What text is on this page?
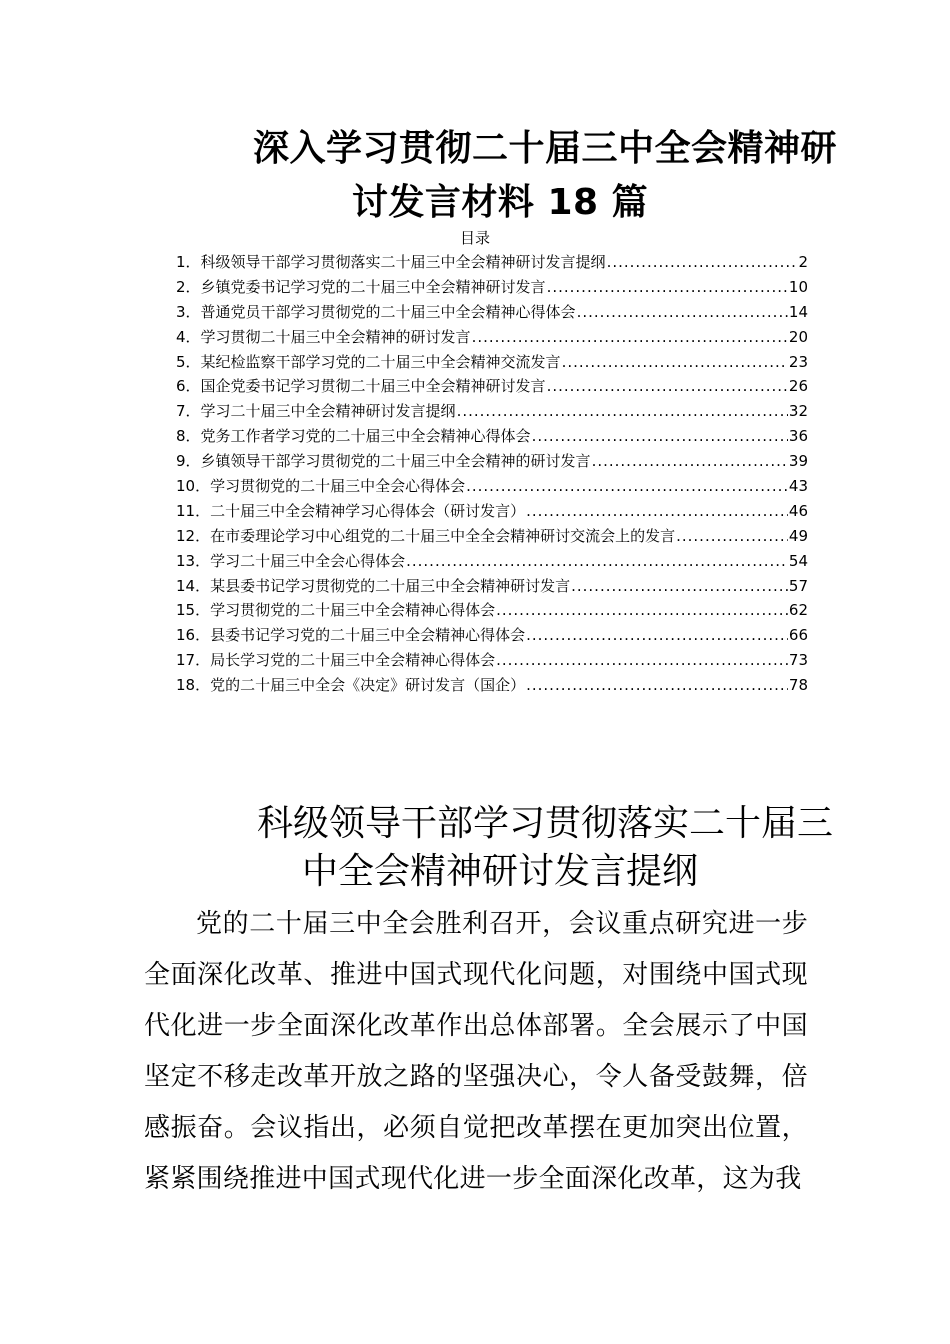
深入学习贯彻二十届三中全会精神研
讨发言材料 18 篇
目录
1． 科级领导干部学习贯彻落实二十届三中全会精神研讨发言提纲 .....	2
2． 乡镇党委书记学习党的二十届三中全会精神研讨发言 .....	10
3． 普通党员干部学习贯彻党的二十届三中全会精神心得体会 .....	14
4． 学习贯彻二十届三中全会精神的研讨发言 .....	20
5． 某纪检监察干部学习党的二十届三中全会精神交流发言 .....	23
6． 国企党委书记学习贯彻二十届三中全会精神研讨发言 .....	26
7． 学习二十届三中全会精神研讨发言提纲 .....	32
8． 党务工作者学习党的二十届三中全会精神心得体会 .....	36
9． 乡镇领导干部学习贯彻党的二十届三中全会精神的研讨发言 .....	39
10． 学习贯彻党的二十届三中全会心得体会 .....	43
11． 二十届三中全会精神学习心得体会（研讨发言） .....	46
12． 在市委理论学习中心组党的二十届三中全全会精神研讨交流会上的发言 .....	49
13． 学习二十届三中全会心得体会 .....	54
14． 某县委书记学习贯彻党的二十届三中全会精神研讨发言 .....	57
15． 学习贯彻党的二十届三中全会精神心得体会 .....	62
16． 县委书记学习党的二十届三中全会精神心得体会 .....	66
17． 局长学习党的二十届三中全会精神心得体会 .....	73
18． 党的二十届三中全会《决定》研讨发言（国企） .....	78
科级领导干部学习贯彻落实二十届三
中全会精神研讨发言提纲

党的二十届三中全会胜利召开，会议重点研究进一步全面深化改革、推进中国式现代化问题，对围绕中国式现代化进一步全面深化改革作出总体部署。全会展示了中国坚定不移走改革开放之路的坚强决心，令人备受鼓舞，倍感振奋。会议指出，必须自觉把改革摆在更加突出位置，紧紧围绕推进中国式现代化进一步全面深化改革，这为我
